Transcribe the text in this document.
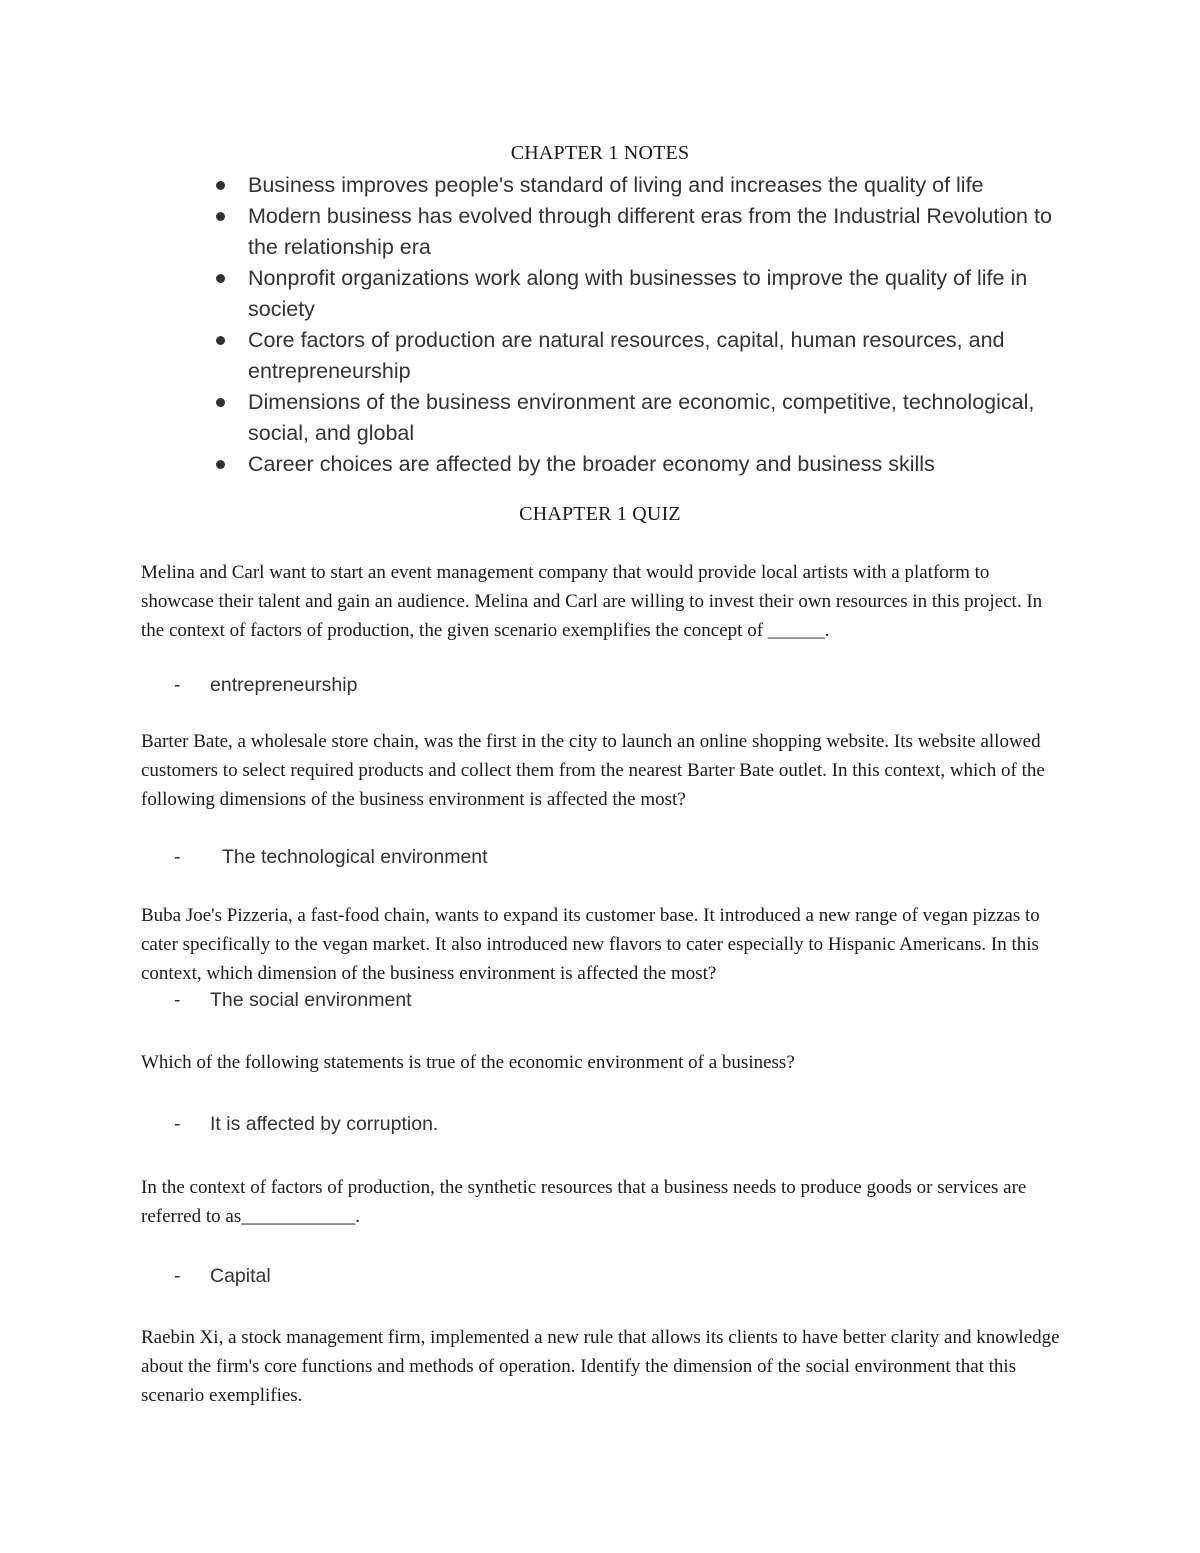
CHAPTER 1 NOTES
Business improves people's standard of living and increases the quality of life
Modern business has evolved through different eras from the Industrial Revolution to the relationship era
Nonprofit organizations work along with businesses to improve the quality of life in society
Core factors of production are natural resources, capital, human resources, and entrepreneurship
Dimensions of the business environment are economic, competitive, technological, social, and global
Career choices are affected by the broader economy and business skills
CHAPTER 1 QUIZ

Melina and Carl want to start an event management company that would provide local artists with a platform to showcase their talent and gain an audience. Melina and Carl are willing to invest their own resources in this project. In the context of factors of production, the given scenario exemplifies the concept of ______.

- entrepreneurship

Barter Bate, a wholesale store chain, was the first in the city to launch an online shopping website. Its website allowed customers to select required products and collect them from the nearest Barter Bate outlet. In this context, which of the following dimensions of the business environment is affected the most?

- The technological environment

Buba Joe's Pizzeria, a fast-food chain, wants to expand its customer base. It introduced a new range of vegan pizzas to cater specifically to the vegan market. It also introduced new flavors to cater especially to Hispanic Americans. In this context, which dimension of the business environment is affected the most?

- The social environment

Which of the following statements is true of the economic environment of a business?

- It is affected by corruption.

In the context of factors of production, the synthetic resources that a business needs to produce goods or services are referred to as____________.

- Capital

Raebin Xi, a stock management firm, implemented a new rule that allows its clients to have better clarity and knowledge about the firm's core functions and methods of operation. Identify the dimension of the social environment that this scenario exemplifies.
